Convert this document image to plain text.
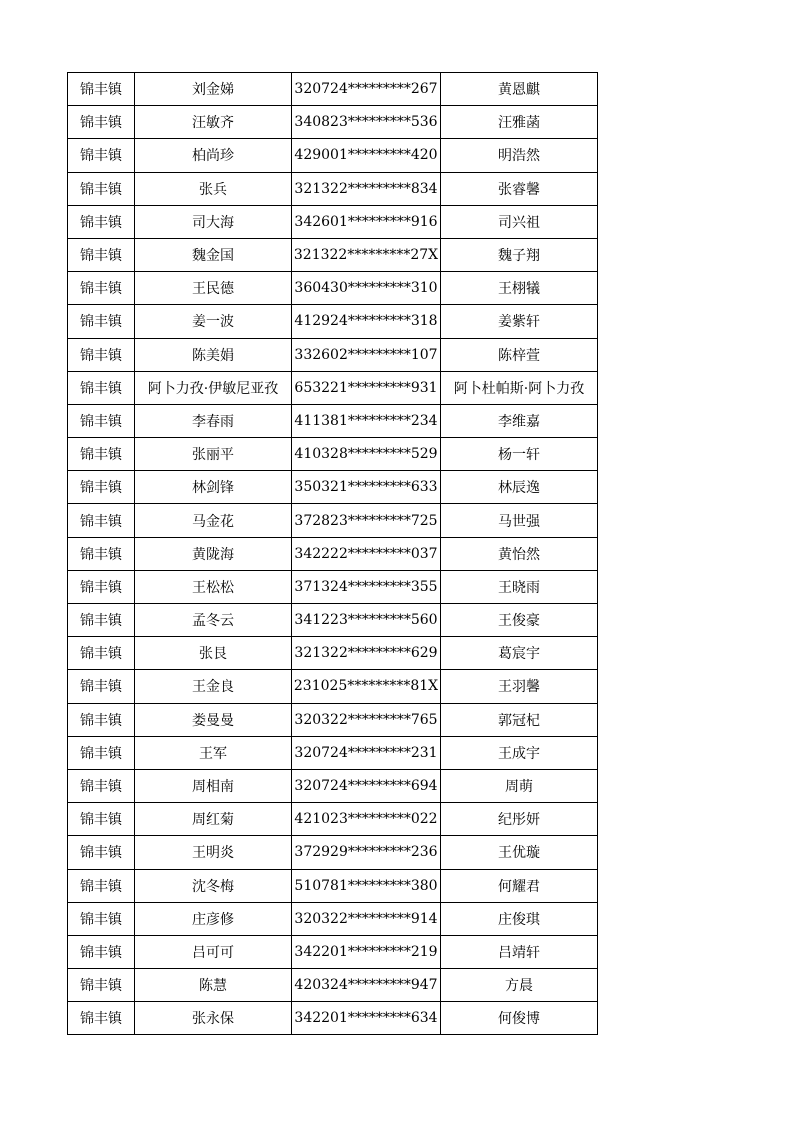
锦丰镇	刘金娣	320724*********267	黄恩麒
锦丰镇	汪敏齐	340823*********536	汪雅菡
锦丰镇	柏尚珍	429001*********420	明浩然
锦丰镇	张兵	321322*********834	张睿馨
锦丰镇	司大海	342601*********916	司兴祖
锦丰镇	魏金国	321322*********27X	魏子翔
锦丰镇	王民德	360430*********310	王栩犠
锦丰镇	姜一波	412924*********318	姜紫轩
锦丰镇	陈美娟	332602*********107	陈梓萱
锦丰镇	阿卜力孜·伊敏尼亚孜	653221*********931	阿卜杜帕斯·阿卜力孜
锦丰镇	李春雨	411381*********234	李维嘉
锦丰镇	张丽平	410328*********529	杨一轩
锦丰镇	林剑锋	350321*********633	林辰逸
锦丰镇	马金花	372823*********725	马世强
锦丰镇	黄陇海	342222*********037	黄怡然
锦丰镇	王松松	371324*********355	王晓雨
锦丰镇	孟冬云	341223*********560	王俊豪
锦丰镇	张艮	321322*********629	葛宸宇
锦丰镇	王金良	231025*********81X	王羽馨
锦丰镇	娄曼曼	320322*********765	郭冠杞
锦丰镇	王军	320724*********231	王成宇
锦丰镇	周相南	320724*********694	周萌
锦丰镇	周红菊	421023*********022	纪彤妍
锦丰镇	王明炎	372929*********236	王优璇
锦丰镇	沈冬梅	510781*********380	何耀君
锦丰镇	庄彦修	320322*********914	庄俊琪
锦丰镇	吕可可	342201*********219	吕靖轩
锦丰镇	陈慧	420324*********947	方晨
锦丰镇	张永保	342201*********634	何俊博
